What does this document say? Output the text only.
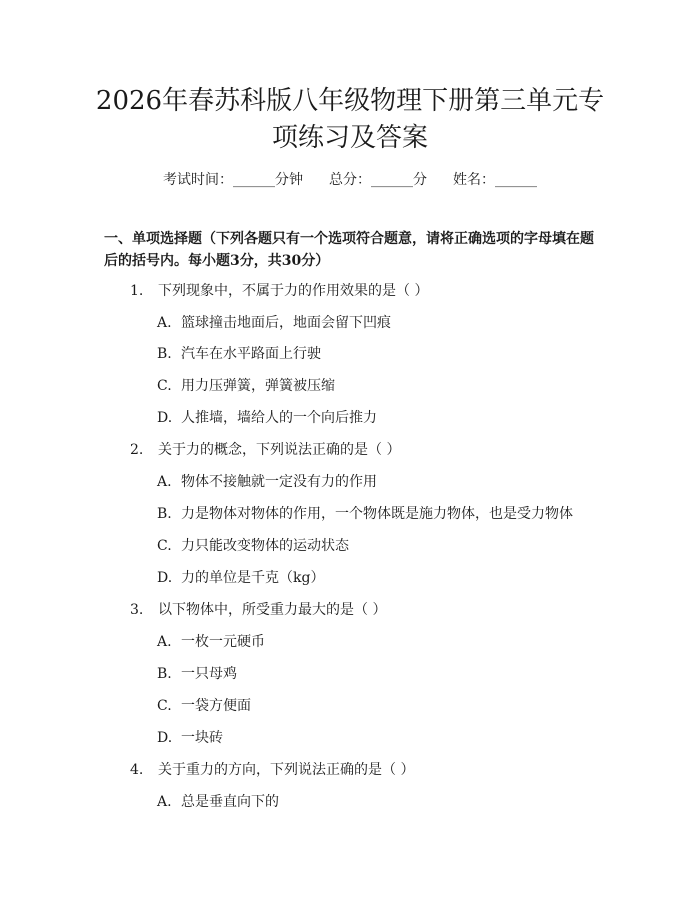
2026年春苏科版八年级物理下册第三单元专
项练习及答案
考试时间：______分钟 总分：______分 姓名：______
一、单项选择题（下列各题只有一个选项符合题意，请将正确选项的字母填在题
后的括号内。每小题3分，共30分）
1. 下列现象中，不属于力的作用效果的是（ ）
A. 篮球撞击地面后，地面会留下凹痕
B. 汽车在水平路面上行驶
C. 用力压弹簧，弹簧被压缩
D. 人推墙，墙给人的一个向后推力
2. 关于力的概念，下列说法正确的是（ ）
A. 物体不接触就一定没有力的作用
B. 力是物体对物体的作用，一个物体既是施力物体，也是受力物体
C. 力只能改变物体的运动状态
D. 力的单位是千克（kg）
3. 以下物体中，所受重力最大的是（ ）
A. 一枚一元硬币
B. 一只母鸡
C. 一袋方便面
D. 一块砖
4. 关于重力的方向，下列说法正确的是（ ）
A. 总是垂直向下的
